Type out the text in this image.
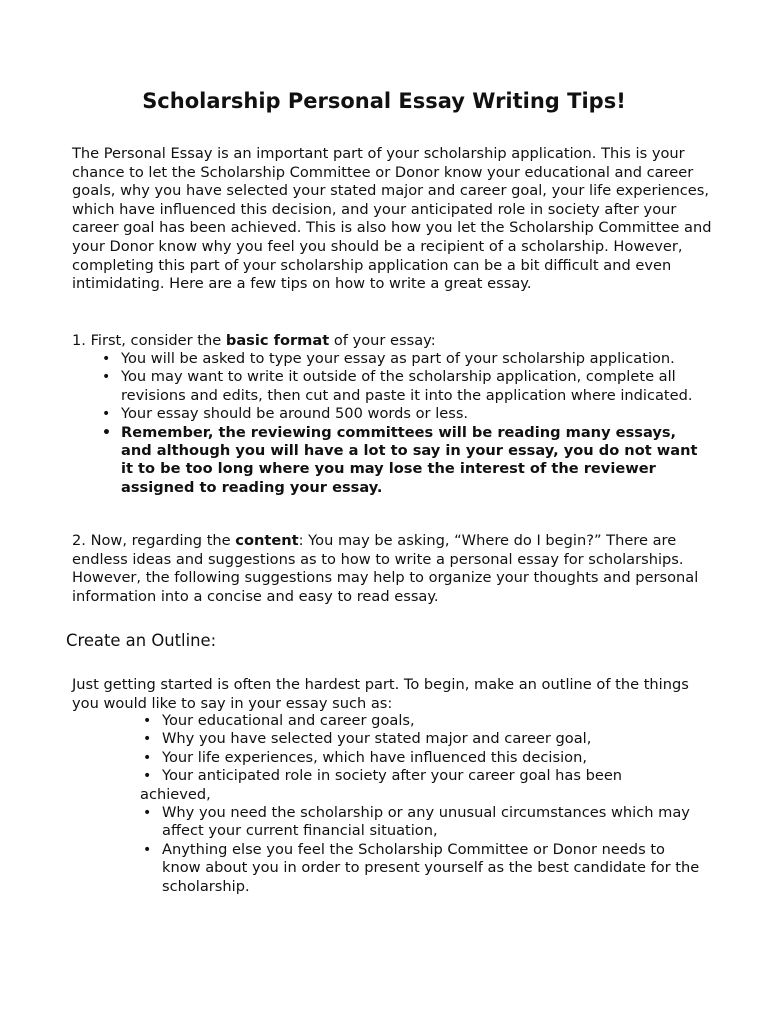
Scholarship Personal Essay Writing Tips!

The Personal Essay is an important part of your scholarship application. This is your chance to let the Scholarship Committee or Donor know your educational and career goals, why you have selected your stated major and career goal, your life experiences, which have influenced this decision, and your anticipated role in society after your career goal has been achieved. This is also how you let the Scholarship Committee and your Donor know why you feel you should be a recipient of a scholarship. However, completing this part of your scholarship application can be a bit difficult and even intimidating. Here are a few tips on how to write a great essay.

1. First, consider the basic format of your essay:

• You will be asked to type your essay as part of your scholarship application.
• You may want to write it outside of the scholarship application, complete all revisions and edits, then cut and paste it into the application where indicated.
• Your essay should be around 500 words or less.
• Remember, the reviewing committees will be reading many essays, and although you will have a lot to say in your essay, you do not want it to be too long where you may lose the interest of the reviewer assigned to reading your essay.

2. Now, regarding the content: You may be asking, “Where do I begin?” There are endless ideas and suggestions as to how to write a personal essay for scholarships. However, the following suggestions may help to organize your thoughts and personal information into a concise and easy to read essay.

Create an Outline:

Just getting started is often the hardest part. To begin, make an outline of the things you would like to say in your essay such as:

• Your educational and career goals,
• Why you have selected your stated major and career goal,
• Your life experiences, which have influenced this decision,
• Your anticipated role in society after your career goal has been
achieved,
• Why you need the scholarship or any unusual circumstances which may affect your current financial situation,
• Anything else you feel the Scholarship Committee or Donor needs to know about you in order to present yourself as the best candidate for the scholarship.
